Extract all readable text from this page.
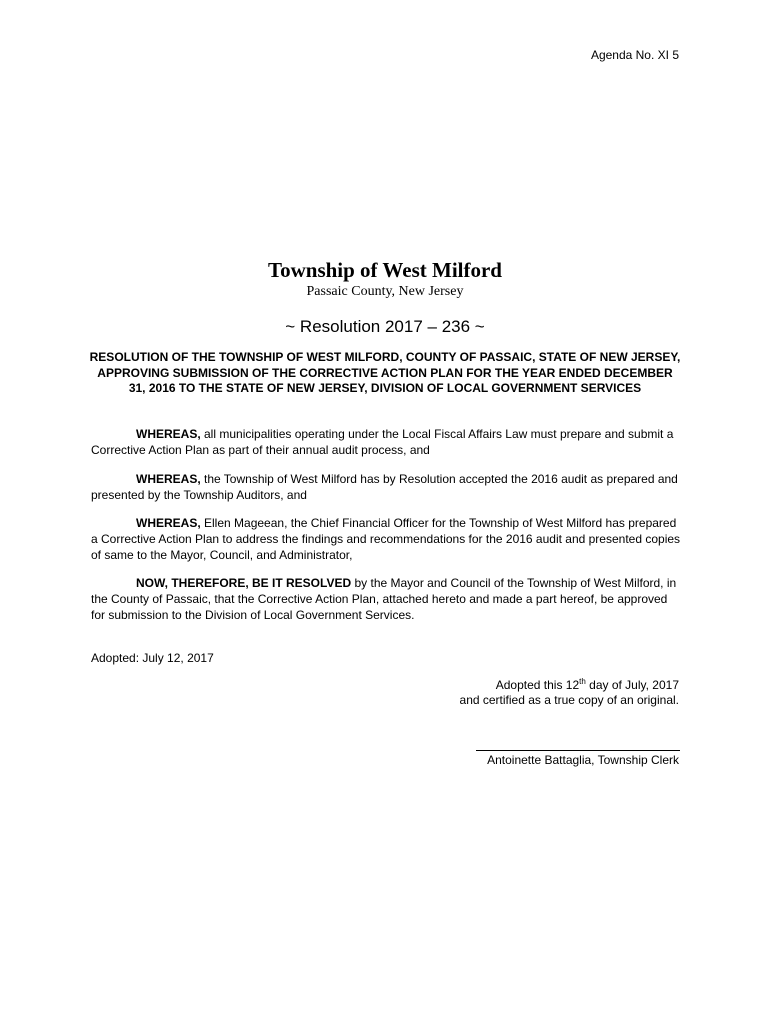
Agenda No. XI 5
Township of West Milford
Passaic County, New Jersey
~ Resolution 2017 – 236 ~
RESOLUTION OF THE TOWNSHIP OF WEST MILFORD, COUNTY OF PASSAIC, STATE OF NEW JERSEY, APPROVING SUBMISSION OF THE CORRECTIVE ACTION PLAN FOR THE YEAR ENDED DECEMBER 31, 2016 TO THE STATE OF NEW JERSEY, DIVISION OF LOCAL GOVERNMENT SERVICES

WHEREAS, all municipalities operating under the Local Fiscal Affairs Law must prepare and submit a Corrective Action Plan as part of their annual audit process, and

WHEREAS, the Township of West Milford has by Resolution accepted the 2016 audit as prepared and presented by the Township Auditors, and

WHEREAS, Ellen Mageean, the Chief Financial Officer for the Township of West Milford has prepared a Corrective Action Plan to address the findings and recommendations for the 2016 audit and presented copies of same to the Mayor, Council, and Administrator,

NOW, THEREFORE, BE IT RESOLVED by the Mayor and Council of the Township of West Milford, in the County of Passaic, that the Corrective Action Plan, attached hereto and made a part hereof, be approved for submission to the Division of Local Government Services.

Adopted: July 12, 2017
Adopted this 12th day of July, 2017
and certified as a true copy of an original.
Antoinette Battaglia, Township Clerk
